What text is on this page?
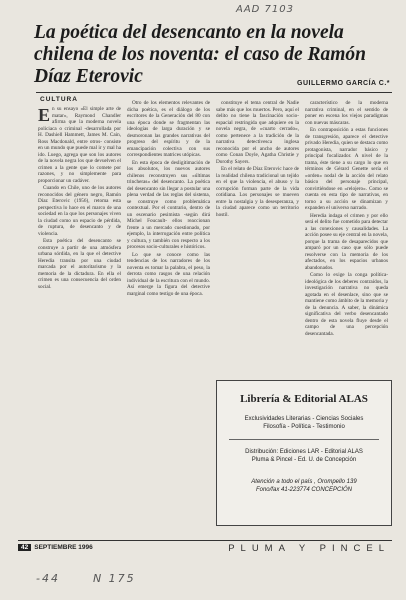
AAD 7103
La poética del desencanto en la novela chilena de los noventa: el caso de Ramón Díaz Eterovic	GUILLERMO GARCÍA C.*
CULTURA

En su ensayo «El simple arte de matar», Raymond Chandler afirma que la moderna novela policiaca o criminal -desarrollada por H. Dashiell Hammett, James M. Cain, Ross Macdonald, entre otros- consiste en un mundo que puede mal ir y mal ha ido. Luego, agrega que son los autores de la novela negra los que devuelven el crimen a la gente que lo comete por razones, y no simplemente para proporcionar un cadáver.

Cuando en Chile, uno de los autores reconocidos del género negro, Ramón Díaz Eterovic (1956), retoma esta perspectiva lo hace en el marco de una sociedad en la que los personajes viven la ciudad como un espacio de pérdida, de ruptura, de desencanto y de violencia.

Esta poética del desencanto se construye a partir de una atmósfera urbana sórdida, en la que el detective Heredia transita por una ciudad marcada por el autoritarismo y la memoria de la dictadura. En ella el crimen es una consecuencia del orden social.

Otro de los elementos relevantes de dicha poética, es el diálogo de los escritores de la Generación del 80 con una época donde se fragmentan las ideologías de larga duración y se desmoronan las grandes narrativas del progreso del espíritu y de la emancipación colectiva con sus correspondientes matrices utópicas.

En esta época de desligitimación de los absolutos, los nuevos autores chilenos reconstruyen sus «últimas trincheras» del desencanto. La poética del desencanto sin llegar a postular una plena verdad de las reglas del sistema, se construye como problemática contextual. Por el contrario, dentro de un escenario pesimista -según dirá Michel Foucault- ellos reaccionan frente a un mercado cuestionado, por ejemplo, la interrogación entre política y cultura, y también con respecto a los procesos socio-culturales e históricos.

Lo que se conoce como las tendencias de los narradores de los noventa es tomar la palabra, el peso, la derrota como rasgos de una relación individual de la escritura con el mundo. Así emerge la figura del detective marginal como testigo de una época.

constituye el tema central de Nadie sabe más que los muertos. Pero, aquí el delito no tiene la fascinación socio-espacial restringida que adquiere en la novela negra, de «cuarto cerrado», como pertenece a la tradición de la narrativa detectivesca inglesa reconocida por el ancho de autores como Conan Doyle, Agatha Christie y Dorothy Sayers.

En el relato de Díaz Eterovic hace de la realidad chilena tradicional un tejido en el que la violencia, el abuso y la corrupción forman parte de la vida cotidiana. Los personajes se mueven entre la nostalgia y la desesperanza, y la ciudad aparece como un territorio hostil.

característico de la moderna narrativa criminal, en el sentido de poner en escena los viejos paradigmas con nuevas máscaras.

En contraposición a estas funciones de transgresión, aparece el detective privado Heredia, quien se destaca como protagonista, narrador básico y principal focalizador. A nivel de la trama, éste tiene a su cargo lo que en términos de Gérard Genette sería el «orden» nodal de la acción del relato básico del personaje principal, convirtiéndose en «relojero». Como se cuenta en esta tipo de narrativas, en torno a su acción se dinamizan y expanden el universo narrado.

Heredia indaga el crimen y por ello será el delito fue cometido para detectar a las conexiones y causalidades. La acción posee su eje central en la novela, porque la trama de desaparecidos que amparó por un caso que sólo puede resolverse con la memoria de los afectados, en los espacios urbanos abandonados.

Como lo exige la conga política-ideológica de los deberes contraídos, la investigación narrativa no queda agotada en el desenlace, sino que se mantiene como ámbito de la memoria y de la denuncia. A saber, la dinámica significativa del verbo desencantado dentro de esta novela fluye desde el campo de una percepción desencantada.

Librería & Editorial ALAS
Exclusividades Literarias - Ciencias Sociales
Filosofía - Política - Testimonio
Distribución: Ediciones LAR - Editorial ALAS
Pluma & Pincel - Ed. U. de Concepción
Atención a todo el país , Orompello 139
Fono/fax 41-223774 CONCEPCIÓN
42 SEPTIEMBRE 1996	PLUMA Y PINCEL
-44      N 175
